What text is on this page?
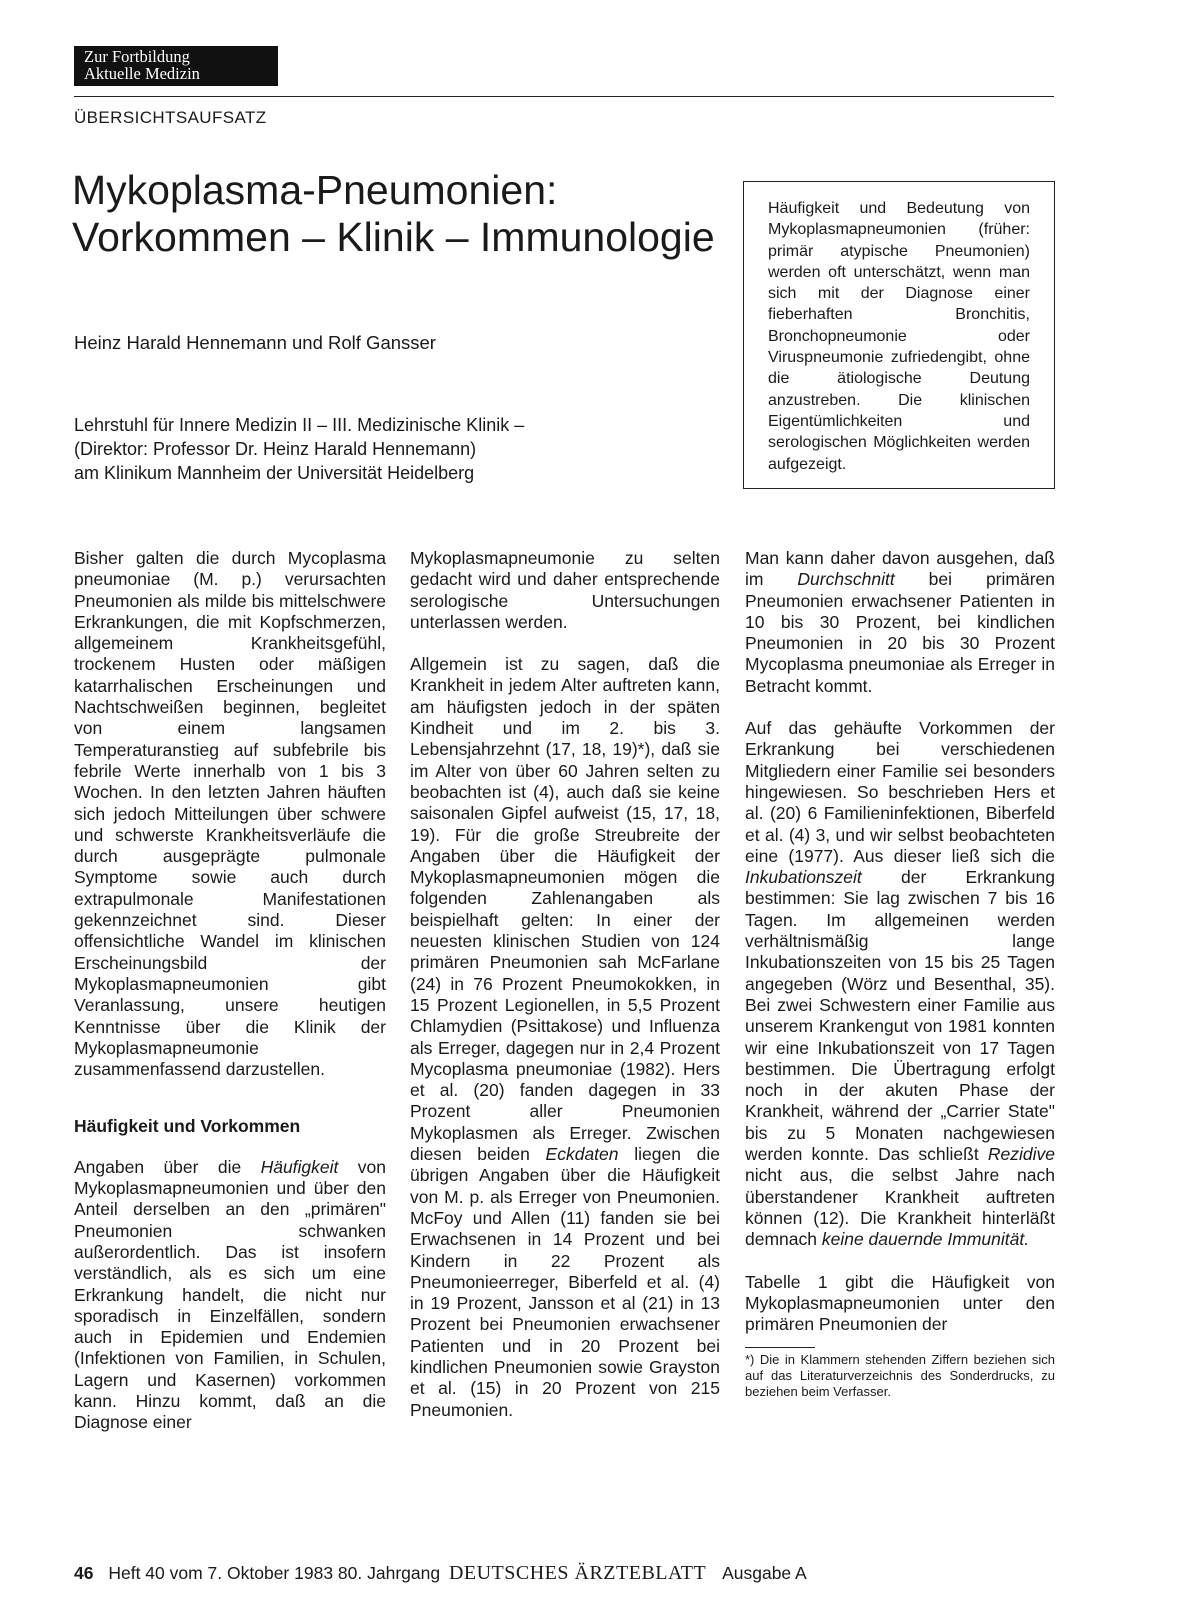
Zur Fortbildung
Aktuelle Medizin
ÜBERSICHTSAUFSATZ
Mykoplasma-Pneumonien:
Vorkommen – Klinik – Immunologie
Heinz Harald Hennemann und Rolf Gansser
Lehrstuhl für Innere Medizin II – III. Medizinische Klinik –
(Direktor: Professor Dr. Heinz Harald Hennemann)
am Klinikum Mannheim der Universität Heidelberg

Häufigkeit und Bedeutung von Mykoplasmapneumonien (früher: primär atypische Pneumonien) werden oft unterschätzt, wenn man sich mit der Diagnose einer fieberhaften Bronchitis, Bronchopneumonie oder Viruspneumonie zufriedengibt, ohne die ätiologische Deutung anzustreben. Die klinischen Eigentümlichkeiten und serologischen Möglichkeiten werden aufgezeigt.

Bisher galten die durch Mycoplasma pneumoniae (M. p.) verursachten Pneumonien als milde bis mittelschwere Erkrankungen, die mit Kopfschmerzen, allgemeinem Krankheitsgefühl, trockenem Husten oder mäßigen katarrhalischen Erscheinungen und Nachtschweißen beginnen, begleitet von einem langsamen Temperaturanstieg auf subfebrile bis febrile Werte innerhalb von 1 bis 3 Wochen. In den letzten Jahren häuften sich jedoch Mitteilungen über schwere und schwerste Krankheitsverläufe die durch ausgeprägte pulmonale Symptome sowie auch durch extrapulmonale Manifestationen gekennzeichnet sind. Dieser offensichtliche Wandel im klinischen Erscheinungsbild der Mykoplasmapneumonien gibt Veranlassung, unsere heutigen Kenntnisse über die Klinik der Mykoplasmapneumonie zusammenfassend darzustellen.

Häufigkeit und Vorkommen

Angaben über die Häufigkeit von Mykoplasmapneumonien und über den Anteil derselben an den „primären" Pneumonien schwanken außerordentlich. Das ist insofern verständlich, als es sich um eine Erkrankung handelt, die nicht nur sporadisch in Einzelfällen, sondern auch in Epidemien und Endemien (Infektionen von Familien, in Schulen, Lagern und Kasernen) vorkommen kann. Hinzu kommt, daß an die Diagnose einer

Mykoplasmapneumonie zu selten gedacht wird und daher entsprechende serologische Untersuchungen unterlassen werden.

Allgemein ist zu sagen, daß die Krankheit in jedem Alter auftreten kann, am häufigsten jedoch in der späten Kindheit und im 2. bis 3. Lebensjahrzehnt (17, 18, 19)*), daß sie im Alter von über 60 Jahren selten zu beobachten ist (4), auch daß sie keine saisonalen Gipfel aufweist (15, 17, 18, 19). Für die große Streubreite der Angaben über die Häufigkeit der Mykoplasmapneumonien mögen die folgenden Zahlenangaben als beispielhaft gelten: In einer der neuesten klinischen Studien von 124 primären Pneumonien sah McFarlane (24) in 76 Prozent Pneumokokken, in 15 Prozent Legionellen, in 5,5 Prozent Chlamydien (Psittakose) und Influenza als Erreger, dagegen nur in 2,4 Prozent Mycoplasma pneumoniae (1982). Hers et al. (20) fanden dagegen in 33 Prozent aller Pneumonien Mykoplasmen als Erreger. Zwischen diesen beiden Eckdaten liegen die übrigen Angaben über die Häufigkeit von M. p. als Erreger von Pneumonien. McFoy und Allen (11) fanden sie bei Erwachsenen in 14 Prozent und bei Kindern in 22 Prozent als Pneumonieerreger, Biberfeld et al. (4) in 19 Prozent, Jansson et al (21) in 13 Prozent bei Pneumonien erwachsener Patienten und in 20 Prozent bei kindlichen Pneumonien sowie Grayston et al. (15) in 20 Prozent von 215 Pneumonien.

Man kann daher davon ausgehen, daß im Durchschnitt bei primären Pneumonien erwachsener Patienten in 10 bis 30 Prozent, bei kindlichen Pneumonien in 20 bis 30 Prozent Mycoplasma pneumoniae als Erreger in Betracht kommt.

Auf das gehäufte Vorkommen der Erkrankung bei verschiedenen Mitgliedern einer Familie sei besonders hingewiesen. So beschrieben Hers et al. (20) 6 Familieninfektionen, Biberfeld et al. (4) 3, und wir selbst beobachteten eine (1977). Aus dieser ließ sich die Inkubationszeit der Erkrankung bestimmen: Sie lag zwischen 7 bis 16 Tagen. Im allgemeinen werden verhältnismäßig lange Inkubationszeiten von 15 bis 25 Tagen angegeben (Wörz und Besenthal, 35). Bei zwei Schwestern einer Familie aus unserem Krankengut von 1981 konnten wir eine Inkubationszeit von 17 Tagen bestimmen. Die Übertragung erfolgt noch in der akuten Phase der Krankheit, während der „Carrier State" bis zu 5 Monaten nachgewiesen werden konnte. Das schließt Rezidive nicht aus, die selbst Jahre nach überstandener Krankheit auftreten können (12). Die Krankheit hinterläßt demnach keine dauernde Immunität.

Tabelle 1 gibt die Häufigkeit von Mykoplasmapneumonien unter den primären Pneumonien der

*) Die in Klammern stehenden Ziffern beziehen sich auf das Literaturverzeichnis des Sonderdrucks, zu beziehen beim Verfasser.

46 Heft 40 vom 7. Oktober 1983 80. Jahrgang DEUTSCHES ÄRZTEBLATT Ausgabe A
